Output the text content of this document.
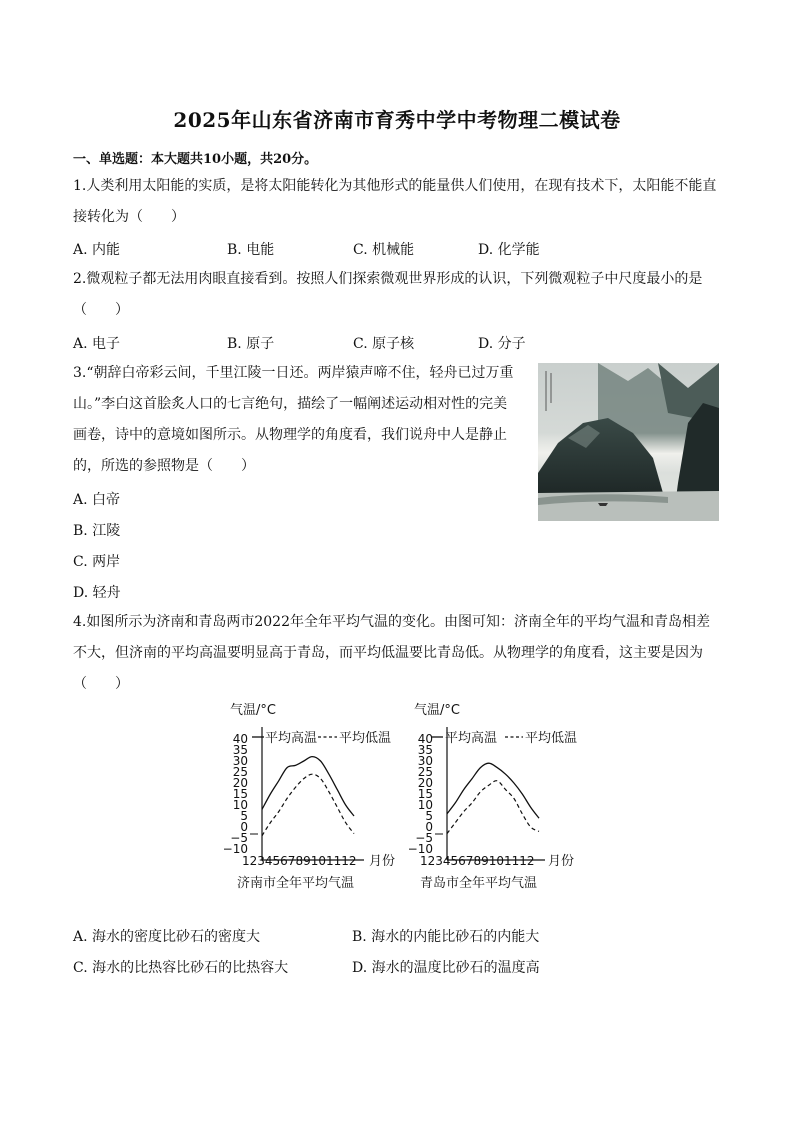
2025年山东省济南市育秀中学中考物理二模试卷
一、单选题：本大题共10小题，共20分。
1.人类利用太阳能的实质，是将太阳能转化为其他形式的能量供人们使用，在现有技术下，太阳能不能直
接转化为（　　）
A. 内能	B. 电能	C. 机械能	D. 化学能
2.微观粒子都无法用肉眼直接看到。按照人们探索微观世界形成的认识，下列微观粒子中尺度最小的是
（　　）
A. 电子	B. 原子	C. 原子核	D. 分子
3.“朝辞白帝彩云间，千里江陵一日还。两岸猿声啼不住，轻舟已过万重
山。”李白这首脍炙人口的七言绝句，描绘了一幅阐述运动相对性的完美
画卷，诗中的意境如图所示。从物理学的角度看，我们说舟中人是静止
的，所选的参照物是（　　）
A. 白帝
B. 江陵
C. 两岸
D. 轻舟
4.如图所示为济南和青岛两市2022年全年平均气温的变化。由图可知：济南全年的平均气温和青岛相差
不大，但济南的平均高温要明显高于青岛，而平均低温要比青岛低。从物理学的角度看，这主要是因为
（　　）
气温/°C
40
35
30
25
20
15
10
5
0
−5
−10
平均高温 平均低温
123456789101112 月份
济南市全年平均气温
气温/°C
40
35
30
25
20
15
10
5
0
−5
−10
平均高温 平均低温
123456789101112 月份
青岛市全年平均气温
A. 海水的密度比砂石的密度大	B. 海水的内能比砂石的内能大
C. 海水的比热容比砂石的比热容大	D. 海水的温度比砂石的温度高
